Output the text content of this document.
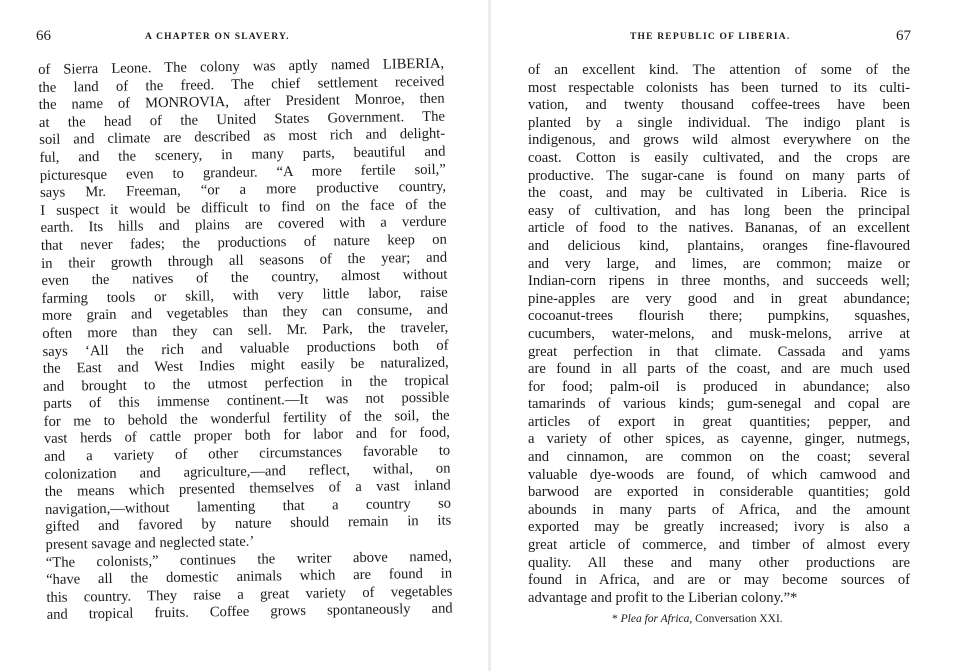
66	A CHAPTER ON SLAVERY.
of Sierra Leone. The colony was aptly named LIBERIA,
the land of the freed. The chief settlement received
the name of MONROVIA, after President Monroe, then
at the head of the United States Government. The
soil and climate are described as most rich and delight-
ful, and the scenery, in many parts, beautiful and
picturesque even to grandeur. “A more fertile soil,”
says Mr. Freeman, “or a more productive country,
I suspect it would be difficult to find on the face of the
earth. Its hills and plains are covered with a verdure
that never fades; the productions of nature keep on
in their growth through all seasons of the year; and
even the natives of the country, almost without
farming tools or skill, with very little labor, raise
more grain and vegetables than they can consume, and
often more than they can sell. Mr. Park, the traveler,
says ‘All the rich and valuable productions both of
the East and West Indies might easily be naturalized,
and brought to the utmost perfection in the tropical
parts of this immense continent.—It was not possible
for me to behold the wonderful fertility of the soil, the
vast herds of cattle proper both for labor and for food,
and a variety of other circumstances favorable to
colonization and agriculture,—and reflect, withal, on
the means which presented themselves of a vast inland
navigation,—without lamenting that a country so
gifted and favored by nature should remain in its
present savage and neglected state.’
“The colonists,” continues the writer above named,
“have all the domestic animals which are found in
this country. They raise a great variety of vegetables
and tropical fruits. Coffee grows spontaneously and
THE REPUBLIC OF LIBERIA.	67
of an excellent kind. The attention of some of the
most respectable colonists has been turned to its culti-
vation, and twenty thousand coffee-trees have been
planted by a single individual. The indigo plant is
indigenous, and grows wild almost everywhere on the
coast. Cotton is easily cultivated, and the crops are
productive. The sugar-cane is found on many parts of
the coast, and may be cultivated in Liberia. Rice is
easy of cultivation, and has long been the principal
article of food to the natives. Bananas, of an excellent
and delicious kind, plantains, oranges fine-flavoured
and very large, and limes, are common; maize or
Indian-corn ripens in three months, and succeeds well;
pine-apples are very good and in great abundance;
cocoanut-trees flourish there; pumpkins, squashes,
cucumbers, water-melons, and musk-melons, arrive at
great perfection in that climate. Cassada and yams
are found in all parts of the coast, and are much used
for food; palm-oil is produced in abundance; also
tamarinds of various kinds; gum-senegal and copal are
articles of export in great quantities; pepper, and
a variety of other spices, as cayenne, ginger, nutmegs,
and cinnamon, are common on the coast; several
valuable dye-woods are found, of which camwood and
barwood are exported in considerable quantities; gold
abounds in many parts of Africa, and the amount
exported may be greatly increased; ivory is also a
great article of commerce, and timber of almost every
quality. All these and many other productions are
found in Africa, and are or may become sources of
advantage and profit to the Liberian colony.”*
* Plea for Africa, Conversation XXI.
